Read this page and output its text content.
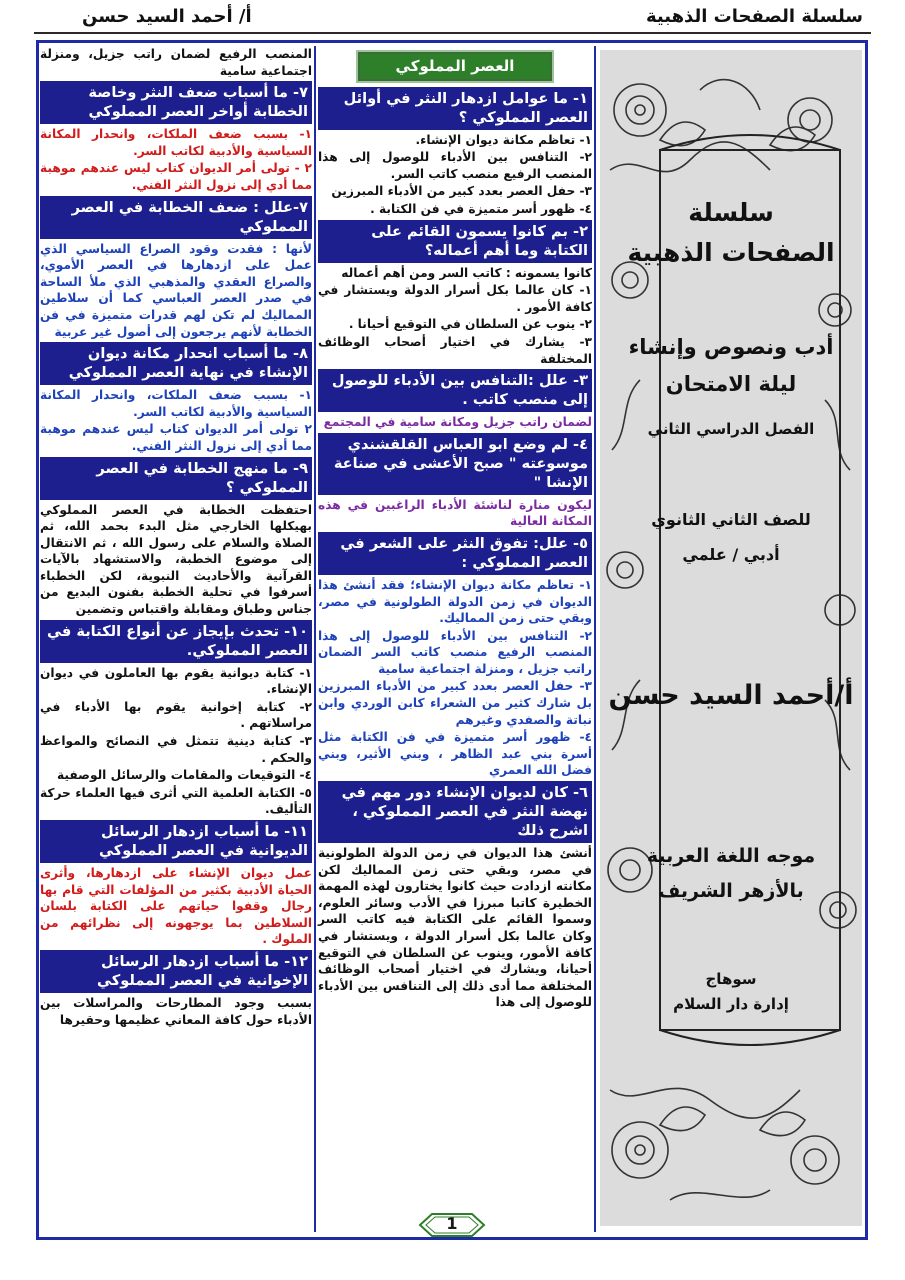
سلسلة الصفحات الذهبية
أ/ أحمد السيد حسن
سلسلة
الصفحات الذهبية
أدب ونصوص وإنشاء
ليلة الامتحان
الفصل الدراسي الثاني
للصف الثاني الثانوي
أدبي / علمي
أ/أحمد السيد حسن
موجه اللغة العربية
بالأزهر الشريف
سوهاج
إدارة دار السلام
العصر المملوكي
١- ما عوامل ازدهار النثر في أوائل العصر المملوكي ؟
١- تعاظم مكانة ديوان الإنشاء.
٢- التنافس بين الأدباء للوصول إلى هذا المنصب الرفيع منصب كاتب السر.
٣- حفل العصر بعدد كبير من الأدباء المبرزين
٤- ظهور أسر متميزة في فن الكتابة .
٢- بم كانوا يسمون القائم على الكتابة وما أهم أعماله؟
كانوا يسمونه : كاتب السر ومن أهم أعماله
١- كان عالما بكل أسرار الدولة ويستشار في كافة الأمور .
٢- ينوب عن السلطان في التوقيع أحيانا .
٣- يشارك في اختيار أصحاب الوظائف المختلفة
٣- علل :التنافس بين الأدباء للوصول إلى منصب كاتب .
لضمان راتب جزيل ومكانة سامية في المجتمع
٤- لم وضع ابو العباس القلقشندي موسوعته " صبح الأعشى في صناعة الإنشا "
ليكون منارة لناشئة الأدباء الراغبين في هذه المكانة العالية
٥- علل: تفوق النثر على الشعر في العصر المملوكي :
١- تعاظم مكانة ديوان الإنشاء؛ فقد أنشئ هذا الديوان في زمن الدولة الطولونية في مصر، وبقي حتى زمن المماليك.
٢- التنافس بين الأدباء للوصول إلى هذا المنصب الرفيع منصب كاتب السر الضمان راتب جزيل ، ومنزلة اجتماعية سامية
٣- حفل العصر بعدد كبير من الأدباء المبرزين بل شارك كثير من الشعراء كابن الوردي وابن نباتة والصفدي وغيرهم
٤- ظهور أسر متميزة في فن الكتابة مثل أسرة بني عبد الظاهر ، وبني الأثير، وبني فضل الله العمري
٦- كان لديوان الإنشاء دور مهم في نهضة النثر في العصر المملوكي ، اشرح ذلك
أنشئ هذا الديوان في زمن الدولة الطولونية في مصر، وبقي حتى زمن المماليك لكن مكانته ازدادت حيث كانوا يختارون لهذه المهمة الخطيرة كاتبا مبرزا في الأدب وسائر العلوم، وسموا القائم على الكتابة فيه كاتب السر وكان عالما بكل أسرار الدولة ، ويستشار في كافة الأمور، وينوب عن السلطان في التوقيع أحيانا، ويشارك في اختيار أصحاب الوظائف المختلفة مما أدى ذلك إلى التنافس بين الأدباء للوصول إلى هذا
المنصب الرفيع لضمان راتب جزيل، ومنزلة اجتماعية سامية
٧- ما أسباب ضعف النثر وخاصة الخطابة أواخر العصر المملوكي
١- بسبب ضعف الملكات، وانحدار المكانة السياسية والأدبية لكاتب السر.
٢ - تولى أمر الديوان كتاب ليس عندهم موهبة مما أدي إلى نزول النثر الفني.
٧-علل : ضعف الخطابة في العصر المملوكي
لأنها : فقدت وقود الصراع السياسي الذي عمل على ازدهارها في العصر الأموي، والصراع العقدي والمذهبي الذي ملأ الساحة في صدر العصر العباسي كما أن سلاطين المماليك لم تكن لهم قدرات متميزة في فن الخطابة لأنهم يرجعون إلى أصول غير عربية
٨- ما أسباب انحدار مكانة ديوان الإنشاء في نهاية العصر المملوكي
١- بسبب ضعف الملكات، وانحدار المكانة السياسية والأدبية لكاتب السر.
٢ تولى أمر الديوان كتاب ليس عندهم موهبة مما أدي إلى نزول النثر الفني.
٩- ما منهج الخطابة في العصر المملوكي ؟
احتفظت الخطابة في العصر المملوكي بهيكلها الخارجي مثل البدء بحمد الله، ثم الصلاة والسلام على رسول الله ، ثم الانتقال إلى موضوع الخطبة، والاستشهاد بالآيات القرآنية والأحاديث النبوية، لكن الخطباء أسرفوا في تحلية الخطبة بفنون البديع من جناس وطباق ومقابلة واقتباس وتضمين
١٠- تحدث بإيجاز عن أنواع الكتابة في العصر المملوكي.
١- كتابة ديوانية يقوم بها العاملون في ديوان الإنشاء.
٢- كتابة إخوانية يقوم بها الأدباء في مراسلاتهم .
٣- كتابة دينية تتمثل في النصائح والمواعظ والحكم .
٤- التوقيعات والمقامات والرسائل الوصفية
٥- الكتابة العلمية التي أثرى فيها العلماء حركة التأليف.
١١- ما أسباب ازدهار الرسائل الديوانية في العصر المملوكي
عمل ديوان الإنشاء على ازدهارها، وأثرى الحياة الأدبية بكثير من المؤلفات التي قام بها رجال وقفوا حياتهم على الكتابة بلسان السلاطين بما يوجهونه إلى نظرائهم من الملوك .
١٢- ما أسباب ازدهار الرسائل الإخوانية في العصر المملوكي
بسبب وجود المطارحات والمراسلات بين الأدباء حول كافة المعاني عظيمها وحقيرها
1
